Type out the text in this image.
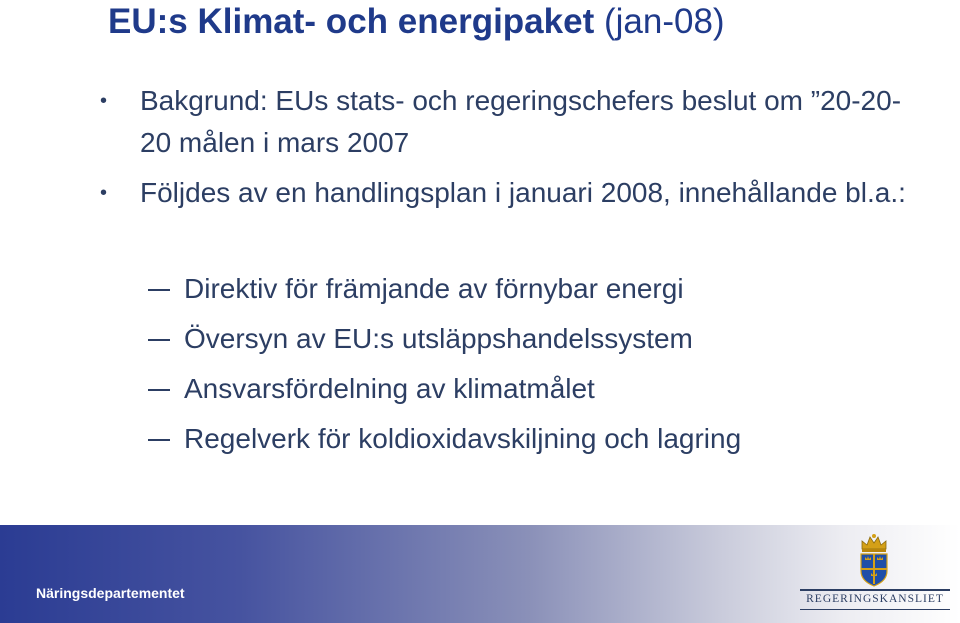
EU:s Klimat- och energipaket (jan-08)
• Bakgrund: EUs stats- och regeringschefers beslut om ”20-20-20 målen i mars 2007
• Följdes av en handlingsplan i januari 2008, innehållande bl.a.:
Direktiv för främjande av förnybar energi
Översyn av EU:s utsläppshandelssystem
Ansvarsfördelning av klimatmålet
Regelverk för koldioxidavskiljning och lagring
Näringsdepartementet	REGERINGSKANSLIET
